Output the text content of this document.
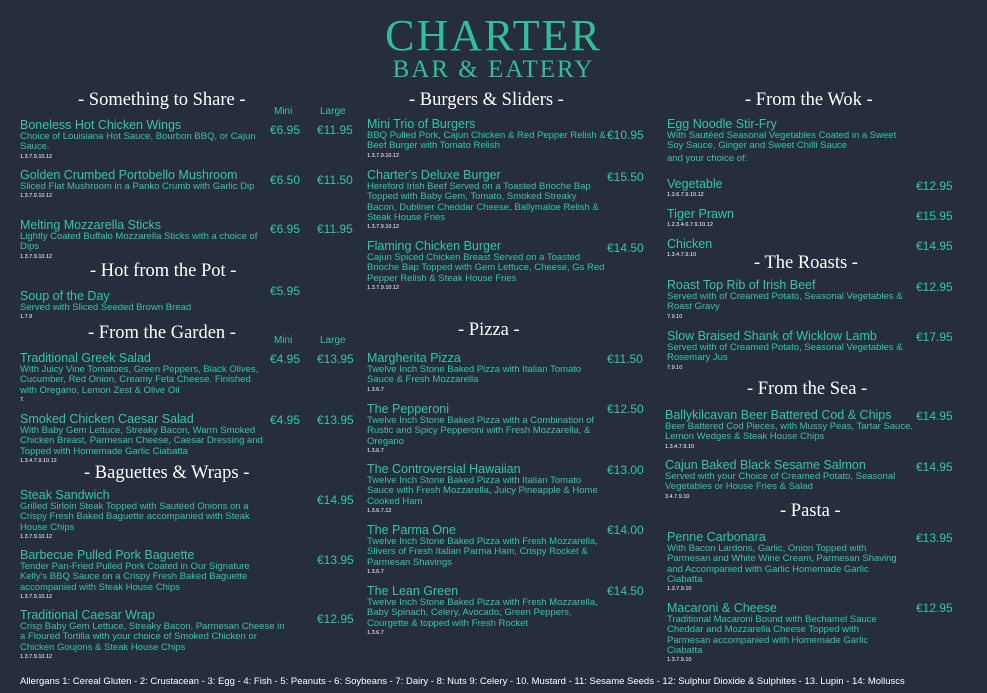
CHARTER
BAR & EATERY
- Something to Share -
Mini	Large
Boneless Hot Chicken Wings
Choice of Louisiana Hot Sauce, Bourbon BBQ, or Cajun Sauce.
1.3.7.9.10.12
€6.95 €11.95
Golden Crumbed Portobello Mushroom
Sliced Flat Mushroom in a Panko Crumb with Garlic Dip
1.3.7.9.10.12
€6.50 €11.50
Melting Mozzarella Sticks
Lightly Coated Buffalo Mozzarella Sticks with a choice of Dips
1.3.7.9.10.12
€6.95 €11.95
- Hot from the Pot -
Soup of the Day
Served with Sliced Seeded Brown Bread
1.7.9
€5.95
- From the Garden -	Mini	Large
Traditional Greek Salad
With Juicy Vine Tomatoes, Green Peppers, Black Olives, Cucumber, Red Onion, Creamy Feta Cheese. Finished with Oregano, Lemon Zest & Olive Oil
7.
€4.95 €13.95
Smoked Chicken Caesar Salad
With Baby Gem Lettuce, Streaky Bacon, Warm Smoked Chicken Breast, Parmesan Cheese, Caesar Dressing and Topped with Homemade Garlic Ciabatta
1.3.4.7.9.10.12
€4.95 €13.95
- Baguettes & Wraps -
Steak Sandwich
Grilled Sirloin Steak Topped with Sautéed Onions on a Crispy Fresh Baked Baguette accompanied with Steak House Chips
1.3.7.9.10.12
€14.95
Barbecue Pulled Pork Baguette
Tender Pan-Fried Pulled Pork Coated in Our Signature Kelly's BBQ Sauce on a Crispy Fresh Baked Baguette accompanied with Steak House Chips
1.3.7.9.10.12
€13.95
Traditional Caesar Wrap
Crisp Baby Gem Lettuce, Streaky Bacon, Parmesan Cheese in a Floured Tortilla with your choice of Smoked Chicken or Chicken Goujons & Steak House Chips
1.3.7.9.10.12
€12.95
- Burgers & Sliders -
Mini Trio of Burgers
BBQ Pulled Pork, Cajun Chicken & Red Pepper Relish & Beef Burger with Tomato Relish
1.3.7.9.10.12
€10.95
Charter's Deluxe Burger
Hereford Irish Beef Served on a Toasted Brioche Bap Topped with Baby Gem, Tomato, Smoked Streaky Bacon, Dubliner Cheddar Cheese, Ballymaloe Relish & Steak House Fries
1.3.7.9.10.12
€15.50
Flaming Chicken Burger
Cajun Spiced Chicken Breast Served on a Toasted Brioche Bap Topped with Gem Lettuce, Cheese, Gs Red Pepper Relish & Steak House Fries
1.3.7.9.10.12
€14.50
- Pizza -
Margherita Pizza
Twelve Inch Stone Baked Pizza with Italian Tomato Sauce & Fresh Mozzarella
1.3.6.7
€11.50
The Pepperoni
Twelve Inch Stone Baked Pizza with a Combination of Rustic and Spicy Pepperoni with Fresh Mozzarella, & Oregano
1.3.6.7
€12.50
The Controversial Hawaiian
Twelve Inch Stone Baked Pizza with Italian Tomato Sauce with Fresh Mozzarella, Juicy Pineapple & Home Cooked Ham
1.3.6.7.12
€13.00
The Parma One
Twelve Inch Stone Baked Pizza with Fresh Mozzarella, Slivers of Fresh Italian Parma Ham, Crispy Rocket & Parmesan Shavings
1.3.6.7
€14.00
The Lean Green
Twelve Inch Stone Baked Pizza with Fresh Mozzarella, Baby Spinach, Celery, Avocado, Green Peppers, Courgette & topped with Fresh Rocket
1.3.6.7
€14.50
- From the Wok -
Egg Noodle Stir-Fry
With Sautéed Seasonal Vegetables Coated in a Sweet Soy Sauce, Ginger and Sweet Chilli Sauce
and your choice of:
Vegetable
1.3.6.7.9.10.12
€12.95
Tiger Prawn
1.2.3.4.6.7.9.10.12
€15.95
Chicken
1.3.4.7.9.10
€14.95
- The Roasts -
Roast Top Rib of Irish Beef
Served with of Creamed Potato, Seasonal Vegetables & Roast Gravy
7.9.10
€12.95
Slow Braised Shank of Wicklow Lamb
Served with of Creamed Potato, Seasonal Vegetables & Rosemary Jus
7.9.10
€17.95
- From the Sea -
Ballykilcavan Beer Battered Cod & Chips
Beer Battered Cod Pieces, with Mussy Peas, Tartar Sauce, Lemon Wedges & Steak House Chips
1.3.4.7.9.10
€14.95
Cajun Baked Black Sesame Salmon
Served with your Choice of Creamed Potato, Seasonal Vegetables or House Fries & Salad
3.4.7.9.10
€14.95
- Pasta -
Penne Carbonara
With Bacon Lardons, Garlic, Onion Topped with Parmesan and White Wine Cream, Parmesan Shaving and Accompanied with Garlic Homemade Garlic Ciabatta
1.3.7.9.10
€13.95
Macaroni & Cheese
Traditional Macaroni Bound with Bechamel Sauce Cheddar and Mozzarella Cheese Topped with Parmesan accompanied with Homemade Garlic Ciabatta
1.3.7.9.10
€12.95
Allergans 1: Cereal Gluten - 2: Crustacean - 3: Egg - 4: Fish - 5: Peanuts - 6: Soybeans - 7: Dairy - 8: Nuts 9: Celery - 10. Mustard - 11: Sesame Seeds - 12: Sulphur Dioxide & Sulphites - 13. Lupin - 14: Molluscs
